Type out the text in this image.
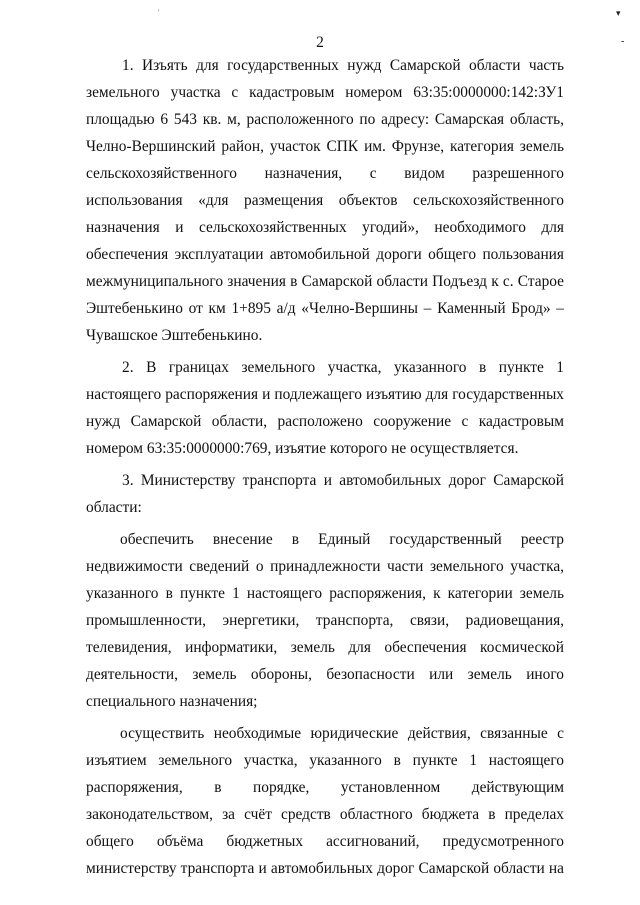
'	▾
-
2

1. Изъять для государственных нужд Самарской области часть земельного участка с кадастровым номером 63:35:0000000:142:ЗУ1 площадью 6 543 кв. м, расположенного по адресу: Самарская область, Челно-Вершинский район, участок СПК им. Фрунзе, категория земель сельскохозяйственного назначения, с видом разрешенного использования «для размещения объектов сельскохозяйственного назначения и сельскохозяйственных угодий», необходимого для обеспечения эксплуатации автомобильной дороги общего пользования межмуниципального значения в Самарской области Подъезд к с. Старое Эштебенькино от км 1+895 а/д «Челно-Вершины – Каменный Брод» – Чувашское Эштебенькино.

2. В границах земельного участка, указанного в пункте 1 настоящего распоряжения и подлежащего изъятию для государственных нужд Самарской области, расположено сооружение с кадастровым номером 63:35:0000000:769, изъятие которого не осуществляется.

3. Министерству транспорта и автомобильных дорог Самарской области:

обеспечить внесение в Единый государственный реестр недвижимости сведений о принадлежности части земельного участка, указанного в пункте 1 настоящего распоряжения, к категории земель промышленности, энергетики, транспорта, связи, радиовещания, телевидения, информатики, земель для обеспечения космической деятельности, земель обороны, безопасности или земель иного специального назначения;

осуществить необходимые юридические действия, связанные с изъятием земельного участка, указанного в пункте 1 настоящего распоряжения, в порядке, установленном действующим законодательством, за счёт средств областного бюджета в пределах общего объёма бюджетных ассигнований, предусмотренного министерству транспорта и автомобильных дорог Самарской области на
